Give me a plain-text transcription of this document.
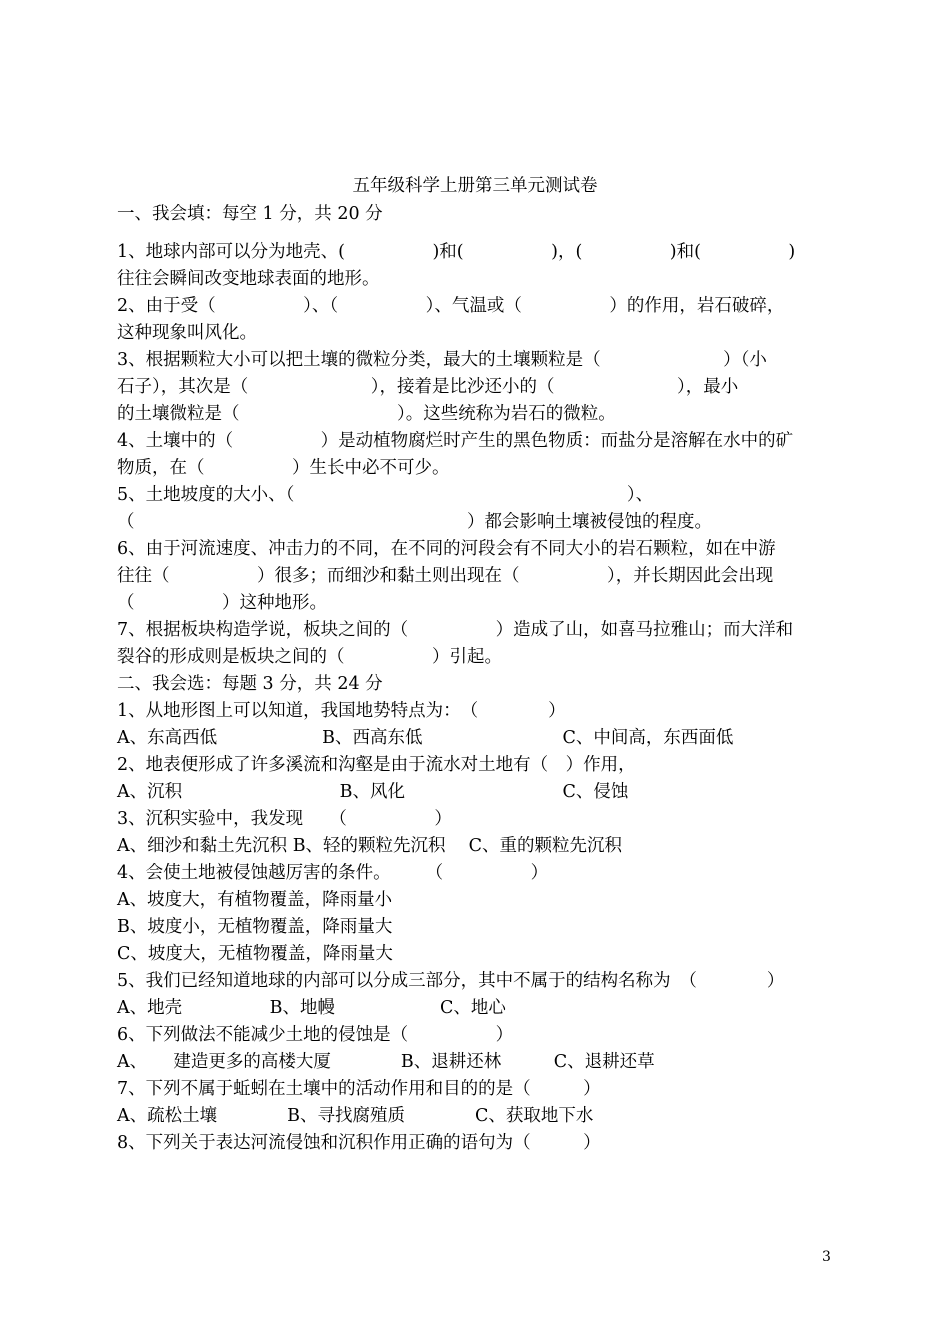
五年级科学上册第三单元测试卷
一、我会填：每空 1 分，共 20 分
1、地球内部可以分为地壳、(　　　　　)和(　　　　　)，(　　　　　)和(　　　　　)
往往会瞬间改变地球表面的地形。
2、由于受（　　　　　）、（　　　　　）、气温或（　　　　　）的作用，岩石破碎，
这种现象叫风化。
3、根据颗粒大小可以把土壤的微粒分类，最大的土壤颗粒是（　　　　　　　）（小
石子），其次是（　　　　　　　），接着是比沙还小的（　　　　　　　），最小
的土壤微粒是（　　　　　　　　　）。这些统称为岩石的微粒。
4、土壤中的（　　　　　）是动植物腐烂时产生的黑色物质：而盐分是溶解在水中的矿
物质，在（　　　　　）生长中必不可少。
5、土地坡度的大小、（　　　　　　　　　　　　　　　　　　　）、
（　　　　　　　　　　　　　　　　　　　）都会影响土壤被侵蚀的程度。
6、由于河流速度、冲击力的不同，在不同的河段会有不同大小的岩石颗粒，如在中游
往往（　　　　　）很多；而细沙和黏土则出现在（　　　　　），并长期因此会出现
（　　　　　）这种地形。
7、根据板块构造学说，板块之间的（　　　　　）造成了山，如喜马拉雅山；而大洋和
裂谷的形成则是板块之间的（　　　　　）引起。
二、我会选：每题 3 分，共 24 分
1、从地形图上可以知道，我国地势特点为：　（　　　　）
A、东高西低　　　　　　B、西高东低　　　　　　　　C、中间高，东西面低
2、地表便形成了许多溪流和沟壑是由于流水对土地有（　）作用，
A、沉积　　　　　　　　　B、风化　　　　　　　　　C、侵蚀
3、沉积实验中，我发现　　（　　　　　）
A、细沙和黏土先沉积 B、轻的颗粒先沉积　 C、重的颗粒先沉积
4、会使土地被侵蚀越厉害的条件。　　　（　　　　　）
A、坡度大，有植物覆盖，降雨量小
B、坡度小，无植物覆盖，降雨量大
C、坡度大，无植物覆盖，降雨量大
5、我们已经知道地球的内部可以分成三部分，其中不属于的结构名称为　（　　　　）
A、地壳　　　　　B、地幔　　　　　　C、地心
6、下列做法不能减少土地的侵蚀是（　　　　　）
A、　　建造更多的高楼大厦　　　　B、退耕还林　　　C、退耕还草
7、下列不属于蚯蚓在土壤中的活动作用和目的的是（　　　）
A、疏松土壤　　　　B、寻找腐殖质　　　　C、获取地下水
8、下列关于表达河流侵蚀和沉积作用正确的语句为（　　　）
3
